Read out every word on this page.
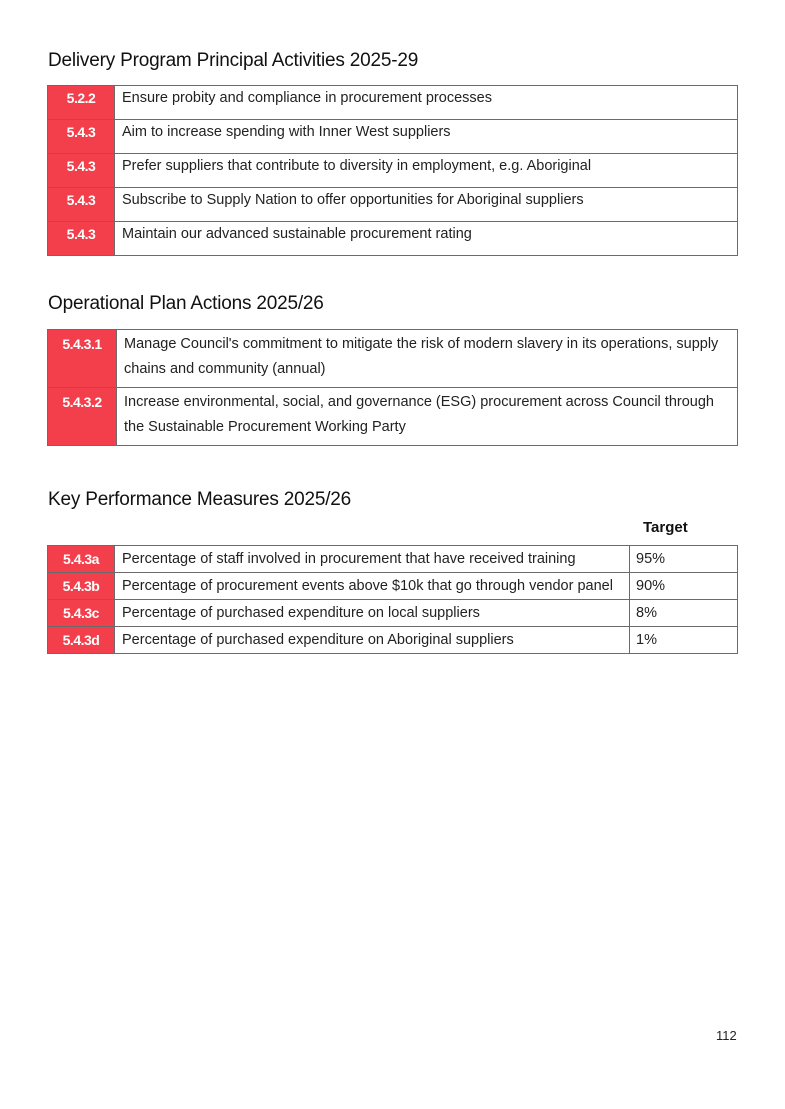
Delivery Program Principal Activities 2025-29
5.2.2	Ensure probity and compliance in procurement processes
5.4.3	Aim to increase spending with Inner West suppliers
5.4.3	Prefer suppliers that contribute to diversity in employment, e.g. Aboriginal
5.4.3	Subscribe to Supply Nation to offer opportunities for Aboriginal suppliers
5.4.3	Maintain our advanced sustainable procurement rating
Operational Plan Actions 2025/26
5.4.3.1	Manage Council's commitment to mitigate the risk of modern slavery in its operations, supply chains and community (annual)
5.4.3.2	Increase environmental, social, and governance (ESG) procurement across Council through the Sustainable Procurement Working Party
Key Performance Measures 2025/26
Target
5.4.3a	Percentage of staff involved in procurement that have received training	95%
5.4.3b	Percentage of procurement events above $10k that go through vendor panel	90%
5.4.3c	Percentage of purchased expenditure on local suppliers	8%
5.4.3d	Percentage of purchased expenditure on Aboriginal suppliers	1%
112
